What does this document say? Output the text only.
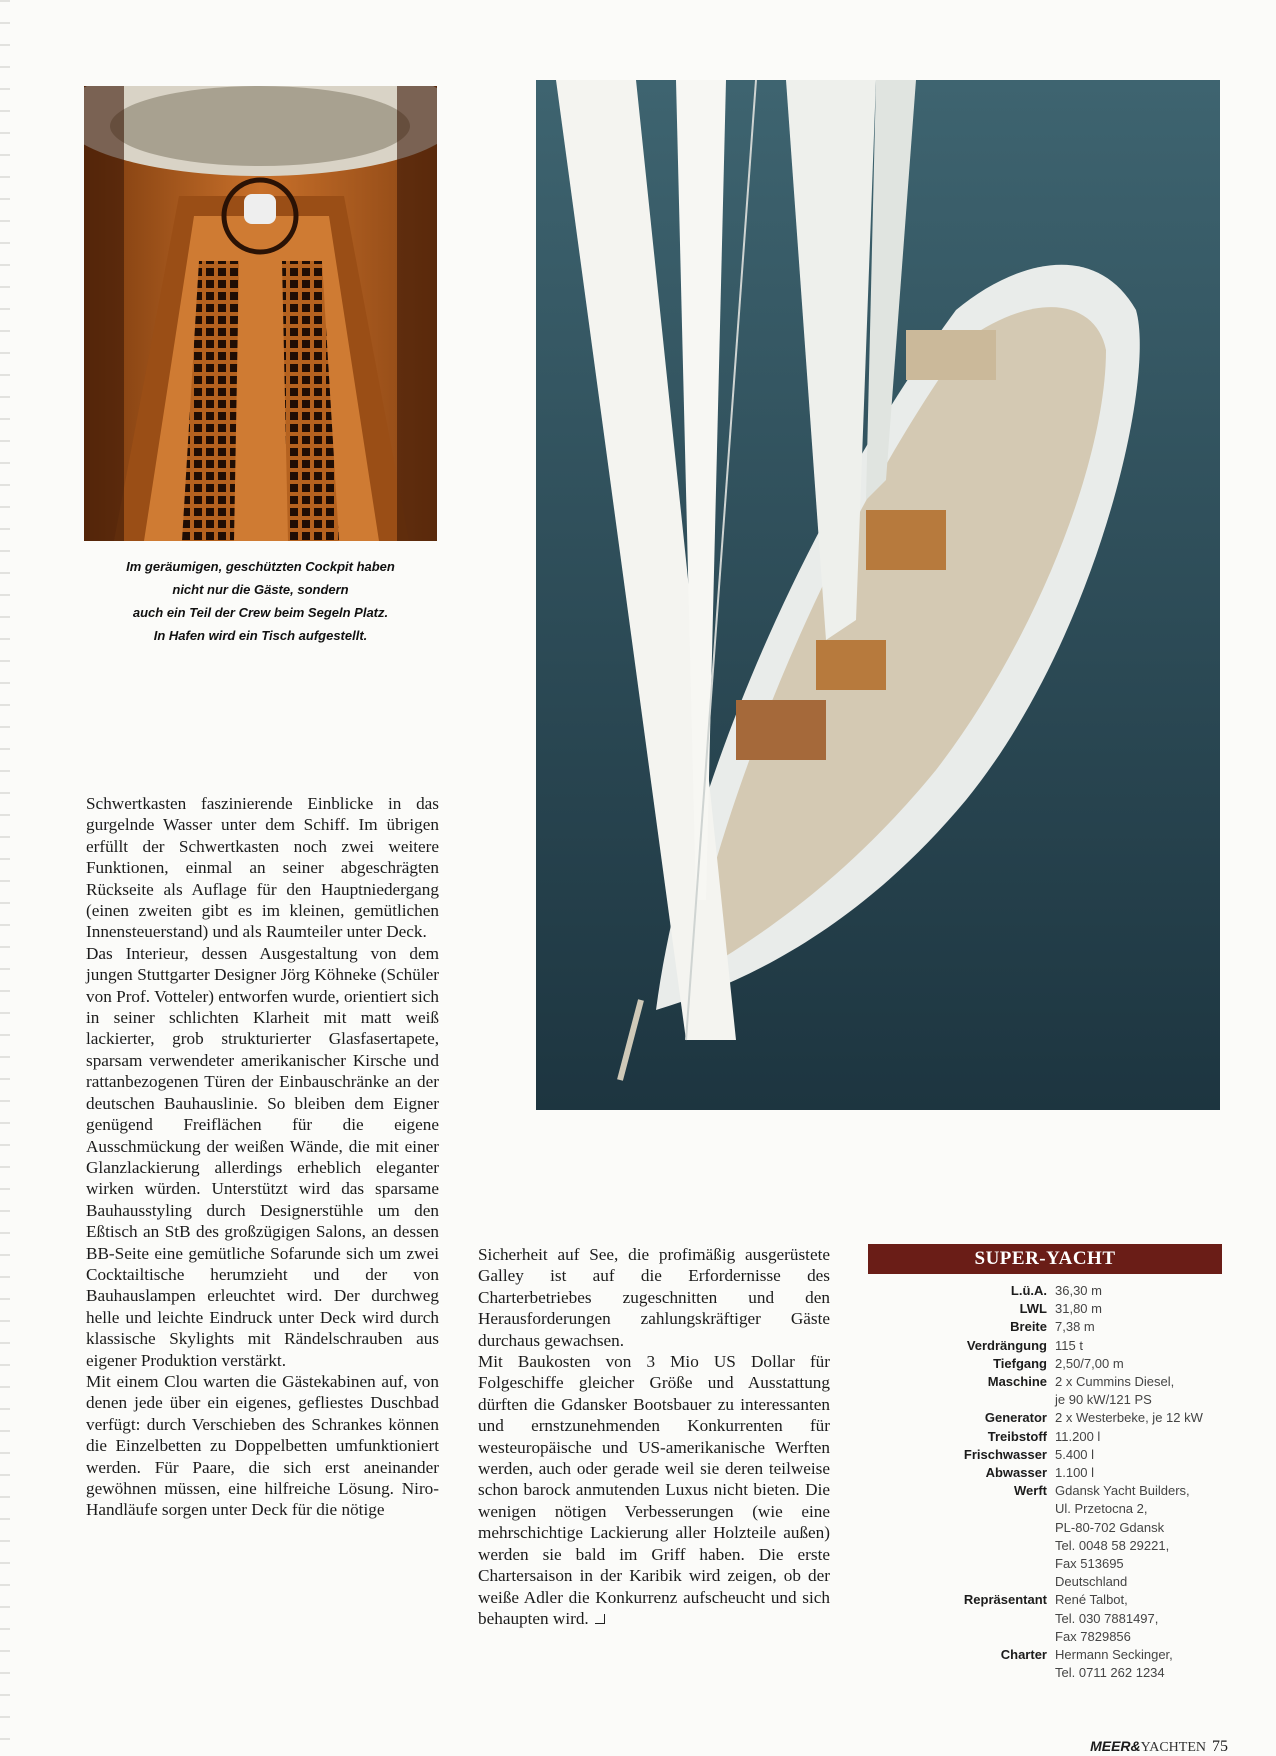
Im geräumigen, geschützten Cockpit haben
nicht nur die Gäste, sondern
auch ein Teil der Crew beim Segeln Platz.
In Hafen wird ein Tisch aufgestellt.

Schwertkasten faszinierende Einblicke in das gurgelnde Wasser unter dem Schiff. Im übrigen erfüllt der Schwertkasten noch zwei weitere Funktionen, einmal an seiner abgeschrägten Rückseite als Auflage für den Hauptniedergang (einen zweiten gibt es im kleinen, gemütlichen Innensteuerstand) und als Raumteiler unter Deck.

Das Interieur, dessen Ausgestaltung von dem jungen Stuttgarter Designer Jörg Köhneke (Schüler von Prof. Votteler) entworfen wurde, orientiert sich in seiner schlichten Klarheit mit matt weiß lackierter, grob strukturierter Glasfasertapete, sparsam verwendeter amerikanischer Kirsche und rattanbezogenen Türen der Einbauschränke an der deutschen Bauhauslinie. So bleiben dem Eigner genügend Freiflächen für die eigene Ausschmückung der weißen Wände, die mit einer Glanzlackierung allerdings erheblich eleganter wirken würden. Unterstützt wird das sparsame Bauhausstyling durch Designerstühle um den Eßtisch an StB des großzügigen Salons, an dessen BB-Seite eine gemütliche Sofarunde sich um zwei Cocktailtische herumzieht und der von Bauhauslampen erleuchtet wird. Der durchweg helle und leichte Eindruck unter Deck wird durch klassische Skylights mit Rändelschrauben aus eigener Produktion verstärkt.

Mit einem Clou warten die Gästekabinen auf, von denen jede über ein eigenes, gefliestes Duschbad verfügt: durch Verschieben des Schrankes können die Einzelbetten zu Doppelbetten umfunktioniert werden. Für Paare, die sich erst aneinander gewöhnen müssen, eine hilfreiche Lösung. Niro-Handläufe sorgen unter Deck für die nötige

Sicherheit auf See, die profimäßig ausgerüstete Galley ist auf die Erfordernisse des Charterbetriebes zugeschnitten und den Herausforderungen zahlungskräftiger Gäste durchaus gewachsen.

Mit Baukosten von 3 Mio US Dollar für Folgeschiffe gleicher Größe und Ausstattung dürften die Gdansker Bootsbauer zu interessanten und ernstzunehmenden Konkurrenten für westeuropäische und US-amerikanische Werften werden, auch oder gerade weil sie deren teilweise schon barock anmutenden Luxus nicht bieten. Die wenigen nötigen Verbesserungen (wie eine mehrschichtige Lackierung aller Holzteile außen) werden sie bald im Griff haben. Die erste Chartersaison in der Karibik wird zeigen, ob der weiße Adler die Konkurrenz aufscheucht und sich behaupten wird.

SUPER-YACHT
L.ü.A. 36,30 m
LWL 31,80 m
Breite 7,38 m
Verdrängung 115 t
Tiefgang 2,50/7,00 m
Maschine 2 x Cummins Diesel,
je 90 kW/121 PS
Generator 2 x Westerbeke, je 12 kW
Treibstoff 11.200 l
Frischwasser 5.400 l
Abwasser 1.100 l
Werft Gdansk Yacht Builders,
Ul. Przetocna 2,
PL-80-702 Gdansk
Tel. 0048 58 29221,
Fax 513695
Deutschland
Repräsentant René Talbot,
Tel. 030 7881497,
Fax 7829856
Charter Hermann Seckinger,
Tel. 0711 262 1234
MEER&YACHTEN 75
